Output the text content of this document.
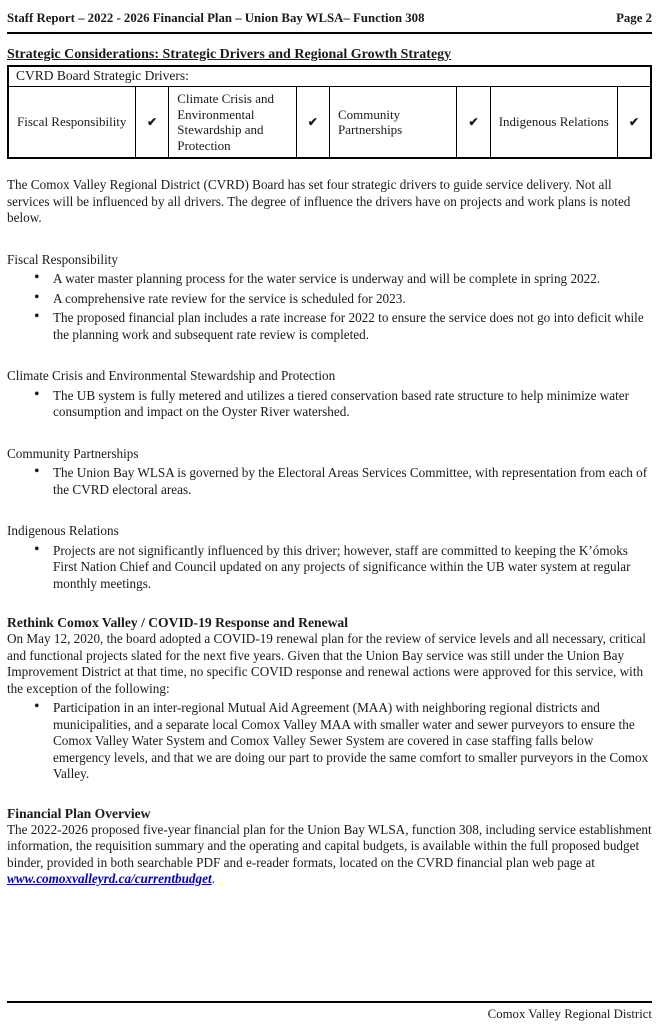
Staff Report – 2022 - 2026 Financial Plan – Union Bay WLSA– Function 308	Page 2
Strategic Considerations: Strategic Drivers and Regional Growth Strategy
CVRD Board Strategic Drivers:
Fiscal Responsibility	✔	Climate Crisis and Environmental Stewardship and Protection	✔	Community Partnerships	✔	Indigenous Relations	✔

The Comox Valley Regional District (CVRD) Board has set four strategic drivers to guide service delivery. Not all services will be influenced by all drivers. The degree of influence the drivers have on projects and work plans is noted below.

Fiscal Responsibility

• A water master planning process for the water service is underway and will be complete in spring 2022.
• A comprehensive rate review for the service is scheduled for 2023.
• The proposed financial plan includes a rate increase for 2022 to ensure the service does not go into deficit while the planning work and subsequent rate review is completed.

Climate Crisis and Environmental Stewardship and Protection

• The UB system is fully metered and utilizes a tiered conservation based rate structure to help minimize water consumption and impact on the Oyster River watershed.

Community Partnerships

• The Union Bay WLSA is governed by the Electoral Areas Services Committee, with representation from each of the CVRD electoral areas.

Indigenous Relations

• Projects are not significantly influenced by this driver; however, staff are committed to keeping the K’ómoks First Nation Chief and Council updated on any projects of significance within the UB water system at regular monthly meetings.
Rethink Comox Valley / COVID-19 Response and Renewal

On May 12, 2020, the board adopted a COVID-19 renewal plan for the review of service levels and all necessary, critical and functional projects slated for the next five years. Given that the Union Bay service was still under the Union Bay Improvement District at that time, no specific COVID response and renewal actions were approved for this service, with the exception of the following:

• Participation in an inter-regional Mutual Aid Agreement (MAA) with neighboring regional districts and municipalities, and a separate local Comox Valley MAA with smaller water and sewer purveyors to ensure the Comox Valley Water System and Comox Valley Sewer System are covered in case staffing falls below emergency levels, and that we are doing our part to provide the same comfort to smaller purveyors in the Comox Valley.
Financial Plan Overview

The 2022-2026 proposed five-year financial plan for the Union Bay WLSA, function 308, including service establishment information, the requisition summary and the operating and capital budgets, is available within the full proposed budget binder, provided in both searchable PDF and e-reader formats, located on the CVRD financial plan web page at www.comoxvalleyrd.ca/currentbudget.

Comox Valley Regional District
